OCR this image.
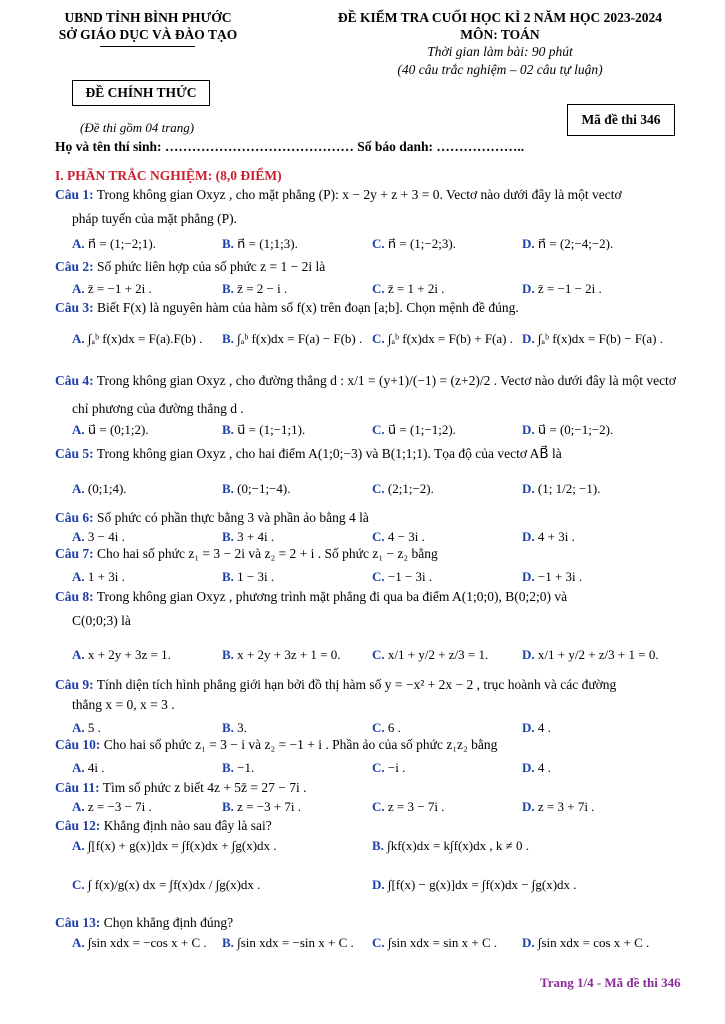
UBND TỈNH BÌNH PHƯỚC
SỞ GIÁO DỤC VÀ ĐÀO TẠO
ĐỀ CHÍNH THỨC
(Đề thi gồm 04 trang)
ĐỀ KIỂM TRA CUỐI HỌC KÌ 2 NĂM HỌC 2023-2024
MÔN: TOÁN
Thời gian làm bài: 90 phút
(40 câu trắc nghiệm – 02 câu tự luận)
Mã đề thi 346
Họ và tên thí sinh: …………………………………… Số báo danh: ………………..
I. PHẦN TRẮC NGHIỆM: (8,0 ĐIỂM)
Câu 1: Trong không gian Oxyz , cho mặt phẳng (P): x − 2y + z + 3 = 0. Vectơ nào dưới đây là một vectơ
pháp tuyến của mặt phẳng (P).
A. n⃗ = (1;−2;1).	B. n⃗ = (1;1;3).	C. n⃗ = (1;−2;3).	D. n⃗ = (2;−4;−2).
Câu 2: Số phức liên hợp của số phức z = 1 − 2i là
A. z̄ = −1 + 2i .	B. z̄ = 2 − i .	C. z̄ = 1 + 2i .	D. z̄ = −1 − 2i .
Câu 3: Biết F(x) là nguyên hàm của hàm số f(x) trên đoạn [a;b]. Chọn mệnh đề đúng.
A. ∫ₐᵇ f(x)dx = F(a).F(b) . B. ∫ₐᵇ f(x)dx = F(a) − F(b) . C. ∫ₐᵇ f(x)dx = F(b) + F(a) . D. ∫ₐᵇ f(x)dx = F(b) − F(a) .
Câu 4: Trong không gian Oxyz , cho đường thẳng d : x/1 = (y+1)/(−1) = (z+2)/2 . Vectơ nào dưới đây là một vectơ
chỉ phương của đường thẳng d .
A. u⃗ = (0;1;2).	B. u⃗ = (1;−1;1).	C. u⃗ = (1;−1;2).	D. u⃗ = (0;−1;−2).
Câu 5: Trong không gian Oxyz , cho hai điểm A(1;0;−3) và B(1;1;1). Tọa độ của vectơ AB⃗ là
A. (0;1;4).	B. (0;−1;−4).	C. (2;1;−2).	D. (1; 1/2; −1).
Câu 6: Số phức có phần thực bằng 3 và phần ảo bằng 4 là
A. 3 − 4i .	B. 3 + 4i .	C. 4 − 3i .	D. 4 + 3i .
Câu 7: Cho hai số phức z₁ = 3 − 2i và z₂ = 2 + i . Số phức z₁ − z₂ bằng
A. 1 + 3i .	B. 1 − 3i .	C. −1 − 3i .	D. −1 + 3i .
Câu 8: Trong không gian Oxyz , phương trình mặt phẳng đi qua ba điểm A(1;0;0), B(0;2;0) và
C(0;0;3) là
A. x + 2y + 3z = 1.	B. x + 2y + 3z + 1 = 0. C. x/1 + y/2 + z/3 = 1.	D. x/1 + y/2 + z/3 + 1 = 0.
Câu 9: Tính diện tích hình phẳng giới hạn bởi đồ thị hàm số y = −x² + 2x − 2 , trục hoành và các đường
thẳng x = 0, x = 3 .
A. 5 .	B. 3.	C. 6 .	D. 4 .
Câu 10: Cho hai số phức z₁ = 3 − i và z₂ = −1 + i . Phần ảo của số phức z₁z₂ bằng
A. 4i .	B. −1.	C. −i .	D. 4 .
Câu 11: Tìm số phức z biết 4z + 5z̄ = 27 − 7i .
A. z = −3 − 7i .	B. z = −3 + 7i .	C. z = 3 − 7i .	D. z = 3 + 7i .
Câu 12: Khẳng định nào sau đây là sai?
A. ∫[f(x) + g(x)]dx = ∫f(x)dx + ∫g(x)dx .	B. ∫kf(x)dx = k∫f(x)dx , k ≠ 0 .
C. ∫ f(x)/g(x) dx = ∫f(x)dx / ∫g(x)dx .	D. ∫[f(x) − g(x)]dx = ∫f(x)dx − ∫g(x)dx .
Câu 13: Chọn khẳng định đúng?
A. ∫sin xdx = −cos x + C . B. ∫sin xdx = −sin x + C . C. ∫sin xdx = sin x + C . D. ∫sin xdx = cos x + C .
Trang 1/4 - Mã đề thi 346
